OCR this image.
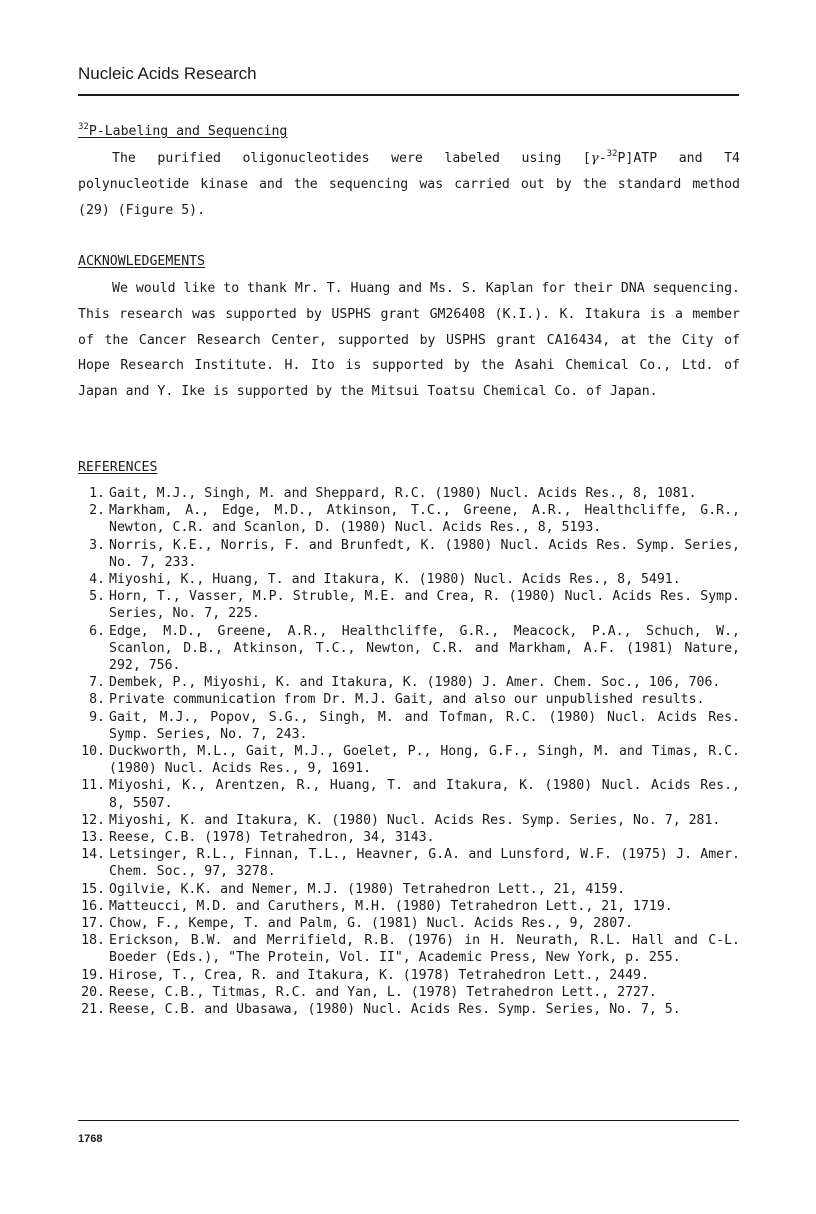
Nucleic Acids Research
$^{32}$P-Labeling and Sequencing

The purified oligonucleotides were labeled using [γ-$^{32}$P]ATP and T4 polynucleotide kinase and the sequencing was carried out by the standard method (29) (Figure 5).

ACKNOWLEDGEMENTS

We would like to thank Mr. T. Huang and Ms. S. Kaplan for their DNA sequencing. This research was supported by USPHS grant GM26408 (K.I.). K. Itakura is a member of the Cancer Research Center, supported by USPHS grant CA16434, at the City of Hope Research Institute. H. Ito is supported by the Asahi Chemical Co., Ltd. of Japan and Y. Ike is supported by the Mitsui Toatsu Chemical Co. of Japan.

REFERENCES
1. Gait, M.J., Singh, M. and Sheppard, R.C. (1980) Nucl. Acids Res., 8, 1081.
2. Markham, A., Edge, M.D., Atkinson, T.C., Greene, A.R., Healthcliffe, G.R., Newton, C.R. and Scanlon, D. (1980) Nucl. Acids Res., 8, 5193.
3. Norris, K.E., Norris, F. and Brunfedt, K. (1980) Nucl. Acids Res. Symp. Series, No. 7, 233.
4. Miyoshi, K., Huang, T. and Itakura, K. (1980) Nucl. Acids Res., 8, 5491.
5. Horn, T., Vasser, M.P. Struble, M.E. and Crea, R. (1980) Nucl. Acids Res. Symp. Series, No. 7, 225.
6. Edge, M.D., Greene, A.R., Healthcliffe, G.R., Meacock, P.A., Schuch, W., Scanlon, D.B., Atkinson, T.C., Newton, C.R. and Markham, A.F. (1981) Nature, 292, 756.
7. Dembek, P., Miyoshi, K. and Itakura, K. (1980) J. Amer. Chem. Soc., 106, 706.
8. Private communication from Dr. M.J. Gait, and also our unpublished results.
9. Gait, M.J., Popov, S.G., Singh, M. and Tofman, R.C. (1980) Nucl. Acids Res. Symp. Series, No. 7, 243.
10. Duckworth, M.L., Gait, M.J., Goelet, P., Hong, G.F., Singh, M. and Timas, R.C. (1980) Nucl. Acids Res., 9, 1691.
11. Miyoshi, K., Arentzen, R., Huang, T. and Itakura, K. (1980) Nucl. Acids Res., 8, 5507.
12. Miyoshi, K. and Itakura, K. (1980) Nucl. Acids Res. Symp. Series, No. 7, 281.
13. Reese, C.B. (1978) Tetrahedron, 34, 3143.
14. Letsinger, R.L., Finnan, T.L., Heavner, G.A. and Lunsford, W.F. (1975) J. Amer. Chem. Soc., 97, 3278.
15. Ogilvie, K.K. and Nemer, M.J. (1980) Tetrahedron Lett., 21, 4159.
16. Matteucci, M.D. and Caruthers, M.H. (1980) Tetrahedron Lett., 21, 1719.
17. Chow, F., Kempe, T. and Palm, G. (1981) Nucl. Acids Res., 9, 2807.
18. Erickson, B.W. and Merrifield, R.B. (1976) in H. Neurath, R.L. Hall and C-L. Boeder (Eds.), "The Protein, Vol. II", Academic Press, New York, p. 255.
19. Hirose, T., Crea, R. and Itakura, K. (1978) Tetrahedron Lett., 2449.
20. Reese, C.B., Titmas, R.C. and Yan, L. (1978) Tetrahedron Lett., 2727.
21. Reese, C.B. and Ubasawa, (1980) Nucl. Acids Res. Symp. Series, No. 7, 5.
1768
